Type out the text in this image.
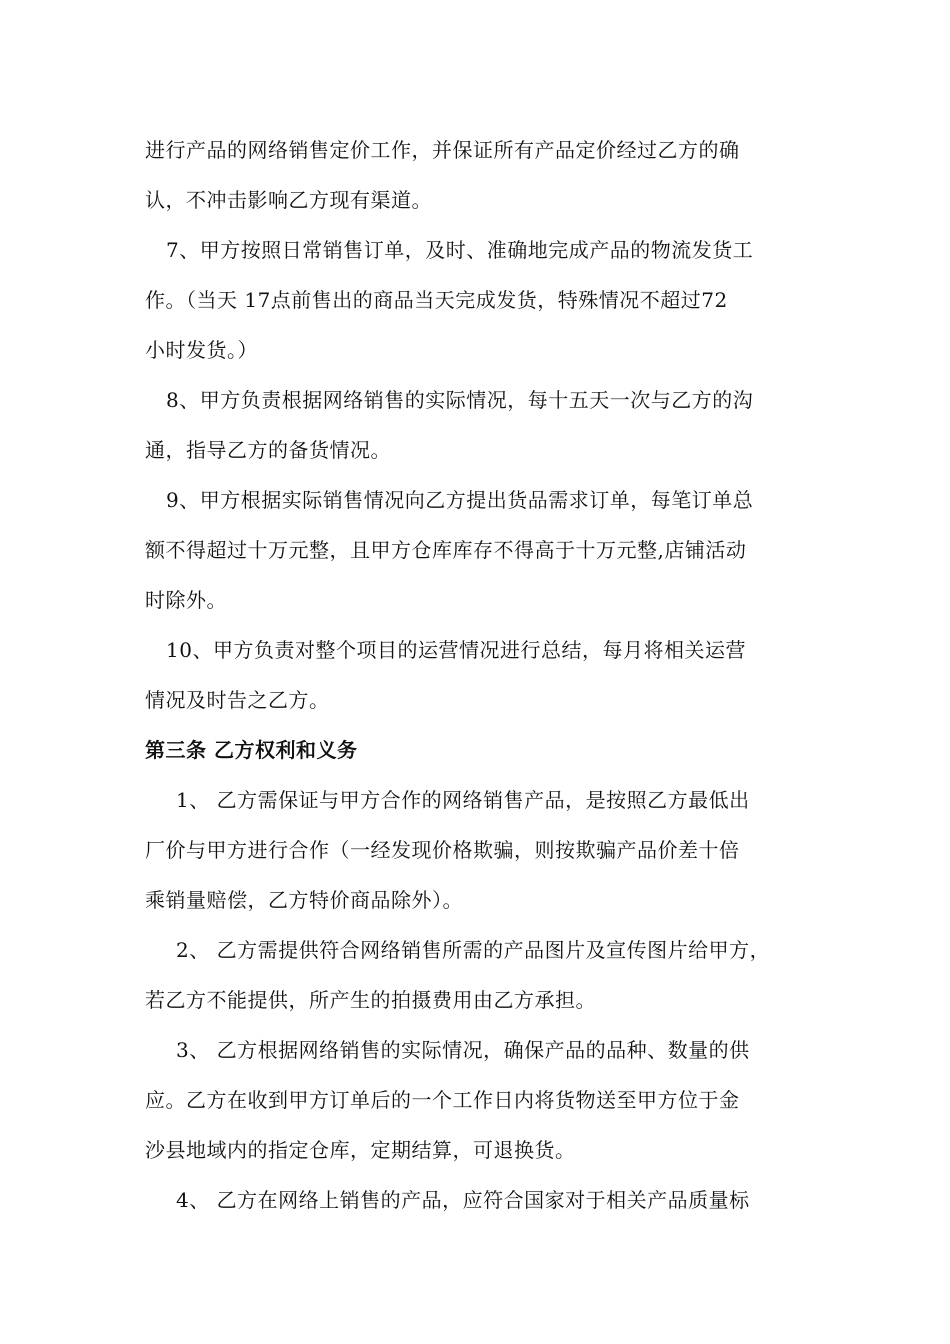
进行产品的网络销售定价工作，并保证所有产品定价经过乙方的确
认，不冲击影响乙方现有渠道。
7、甲方按照日常销售订单，及时、准确地完成产品的物流发货工
作。（当天 17点前售出的商品当天完成发货，特殊情况不超过72
小时发货。）
8、甲方负责根据网络销售的实际情况，每十五天一次与乙方的沟
通，指导乙方的备货情况。
9、甲方根据实际销售情况向乙方提出货品需求订单，每笔订单总
额不得超过十万元整，且甲方仓库库存不得高于十万元整,店铺活动
时除外。
10、甲方负责对整个项目的运营情况进行总结，每月将相关运营
情况及时告之乙方。
第三条 乙方权利和义务
1、 乙方需保证与甲方合作的网络销售产品，是按照乙方最低出
厂价与甲方进行合作（一经发现价格欺骗，则按欺骗产品价差十倍
乘销量赔偿，乙方特价商品除外）。
2、 乙方需提供符合网络销售所需的产品图片及宣传图片给甲方，
若乙方不能提供，所产生的拍摄费用由乙方承担。
3、 乙方根据网络销售的实际情况，确保产品的品种、数量的供
应。乙方在收到甲方订单后的一个工作日内将货物送至甲方位于金
沙县地域内的指定仓库，定期结算，可退换货。
4、 乙方在网络上销售的产品，应符合国家对于相关产品质量标
